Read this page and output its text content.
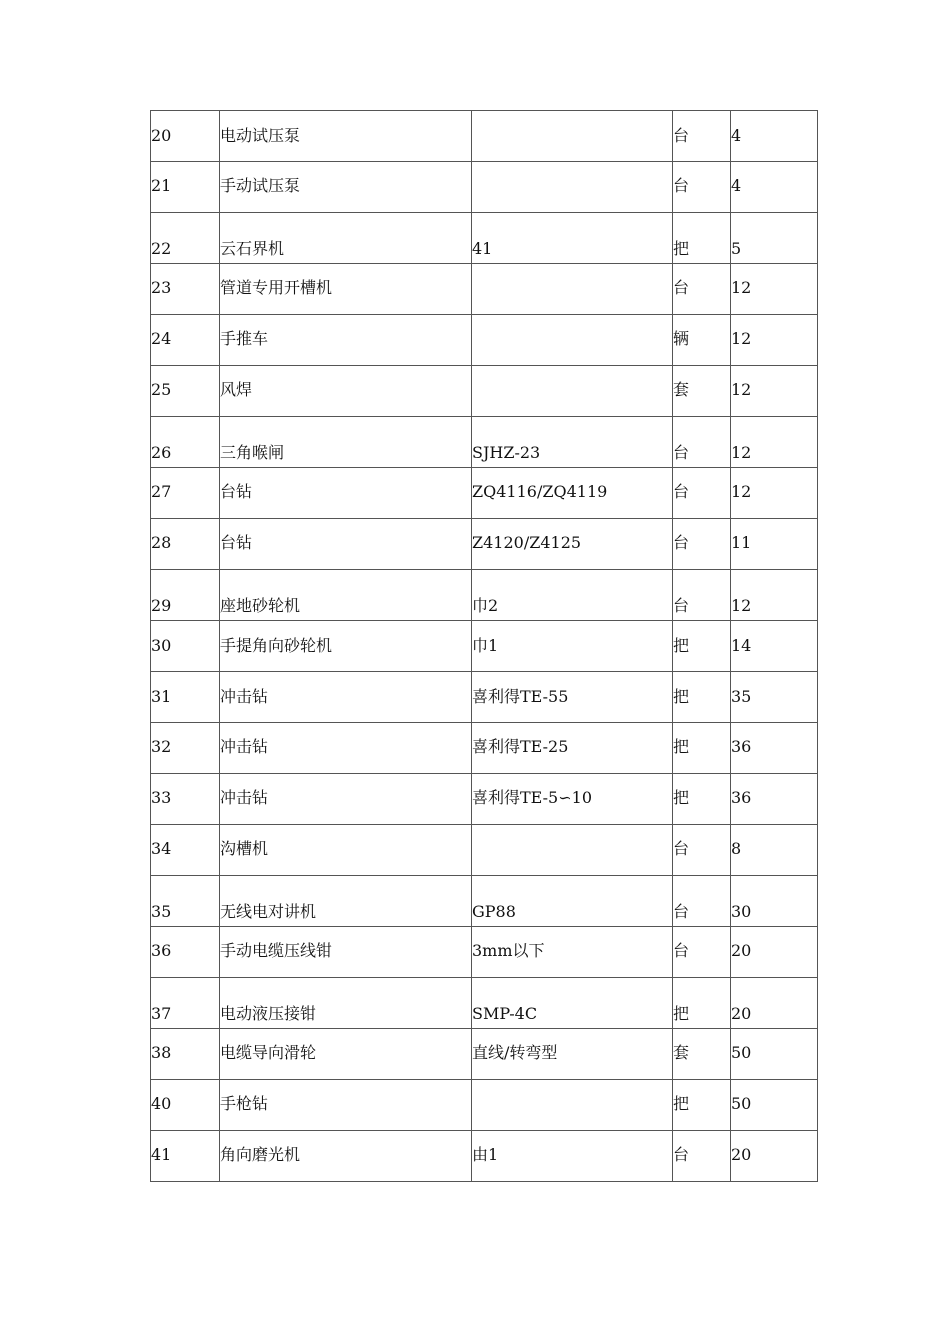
20	电动试压泵		台	4
21	手动试压泵		台	4
22	云石界机	41	把	5
23	管道专用开槽机		台	12
24	手推车		辆	12
25	风焊		套	12
26	三角喉闸	SJHZ-23	台	12
27	台钻	ZQ4116/ZQ4119	台	12
28	台钻	Z4120/Z4125	台	11
29	座地砂轮机	巾2	台	12
30	手提角向砂轮机	巾1	把	14
31	冲击钻	喜利得TE-55	把	35
32	冲击钻	喜利得TE-25	把	36
33	冲击钻	喜利得TE-5∽10	把	36
34	沟槽机		台	8
35	无线电对讲机	GP88	台	30
36	手动电缆压线钳	3mm以下	台	20
37	电动液压接钳	SMP-4C	把	20
38	电缆导向滑轮	直线/转弯型	套	50
40	手枪钻		把	50
41	角向磨光机	由1	台	20
